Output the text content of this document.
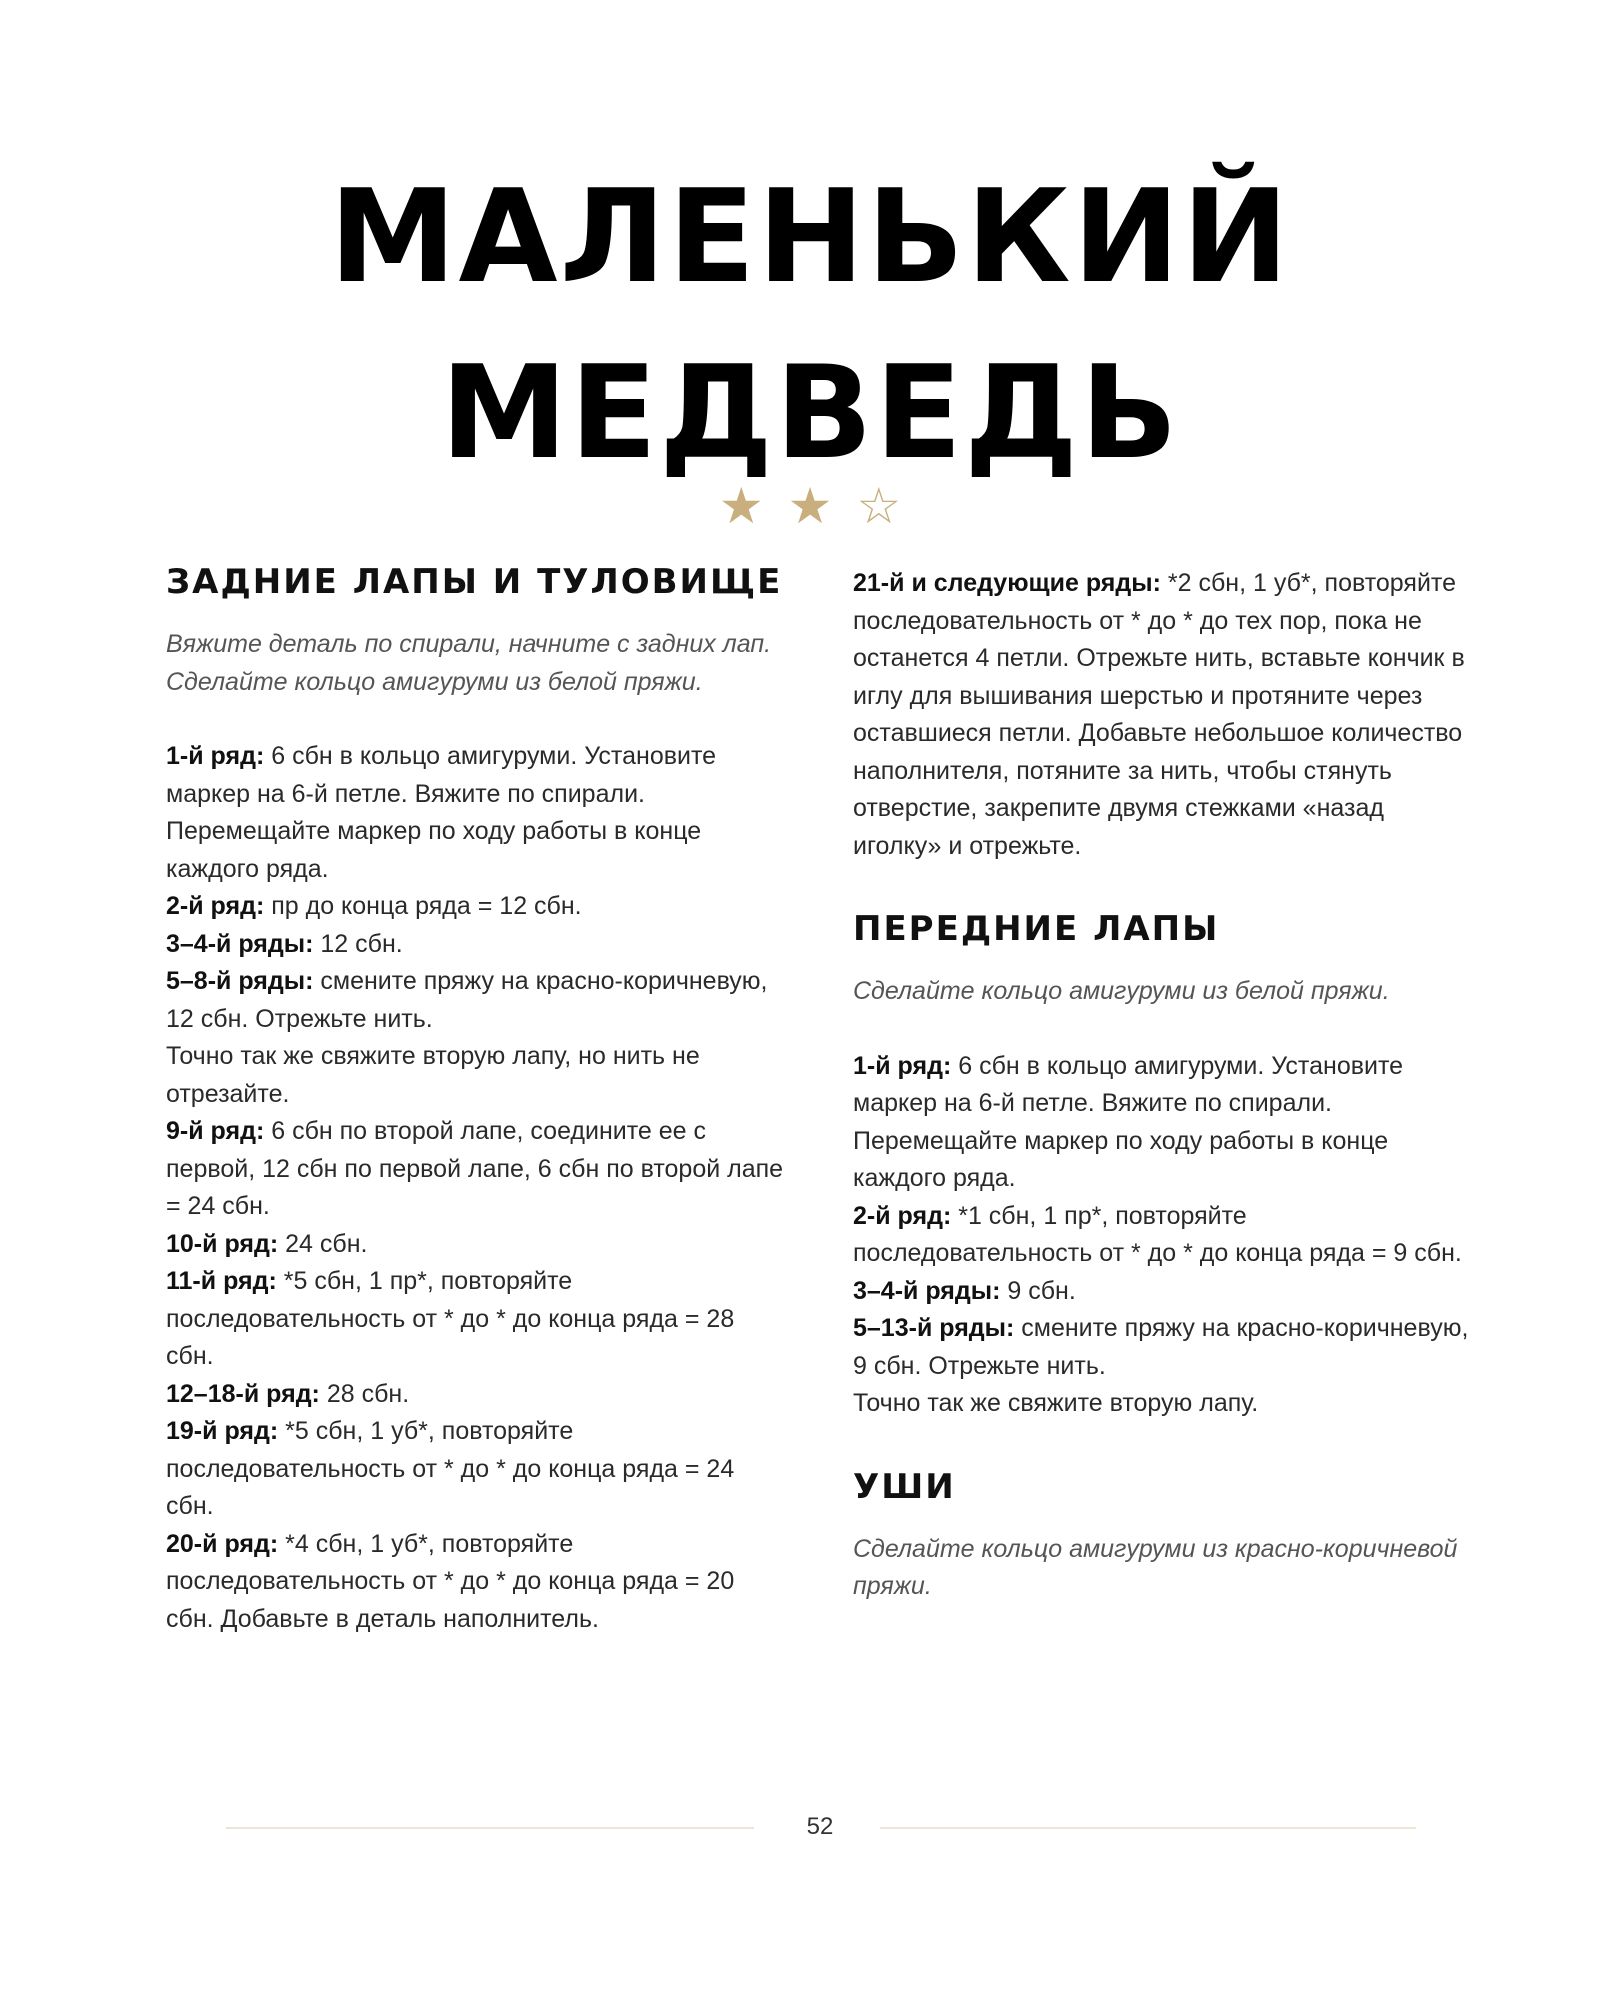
МАЛЕНЬКИЙ
МЕДВЕДЬ
★ ★ ☆
ЗАДНИЕ ЛАПЫ И ТУЛОВИЩЕ
Вяжите деталь по спирали, начните с задних лап. Сделайте кольцо амигуруми из белой пряжи.

1-й ряд: 6 сбн в кольцо амигуруми. Установите маркер на 6-й петле. Вяжите по спирали. Перемещайте маркер по ходу работы в конце каждого ряда.

2-й ряд: пр до конца ряда = 12 сбн.

3–4-й ряды: 12 сбн.

5–8-й ряды: смените пряжу на красно-коричневую, 12 сбн. Отрежьте нить.

Точно так же свяжите вторую лапу, но нить не отрезайте.

9-й ряд: 6 сбн по второй лапе, соедините ее с первой, 12 сбн по первой лапе, 6 сбн по второй лапе = 24 сбн.

10-й ряд: 24 сбн.

11-й ряд: *5 сбн, 1 пр*, повторяйте последовательность от * до * до конца ряда = 28 сбн.

12–18-й ряд: 28 сбн.

19-й ряд: *5 сбн, 1 уб*, повторяйте последовательность от * до * до конца ряда = 24 сбн.

20-й ряд: *4 сбн, 1 уб*, повторяйте последовательность от * до * до конца ряда = 20 сбн. Добавьте в деталь наполнитель.

21-й и следующие ряды: *2 сбн, 1 уб*, повторяйте последовательность от * до * до тех пор, пока не останется 4 петли. Отрежьте нить, вставьте кончик в иглу для вышивания шерстью и протяните через оставшиеся петли. Добавьте небольшое количество наполнителя, потяните за нить, чтобы стянуть отверстие, закрепите двумя стежками «назад иголку» и отрежьте.

ПЕРЕДНИЕ ЛАПЫ
Сделайте кольцо амигуруми из белой пряжи.

1-й ряд: 6 сбн в кольцо амигуруми. Установите маркер на 6-й петле. Вяжите по спирали. Перемещайте маркер по ходу работы в конце каждого ряда.

2-й ряд: *1 сбн, 1 пр*, повторяйте последовательность от * до * до конца ряда = 9 сбн.

3–4-й ряды: 9 сбн.

5–13-й ряды: смените пряжу на красно-коричневую, 9 сбн. Отрежьте нить.

Точно так же свяжите вторую лапу.

УШИ
Сделайте кольцо амигуруми из красно-коричневой пряжи.
52
